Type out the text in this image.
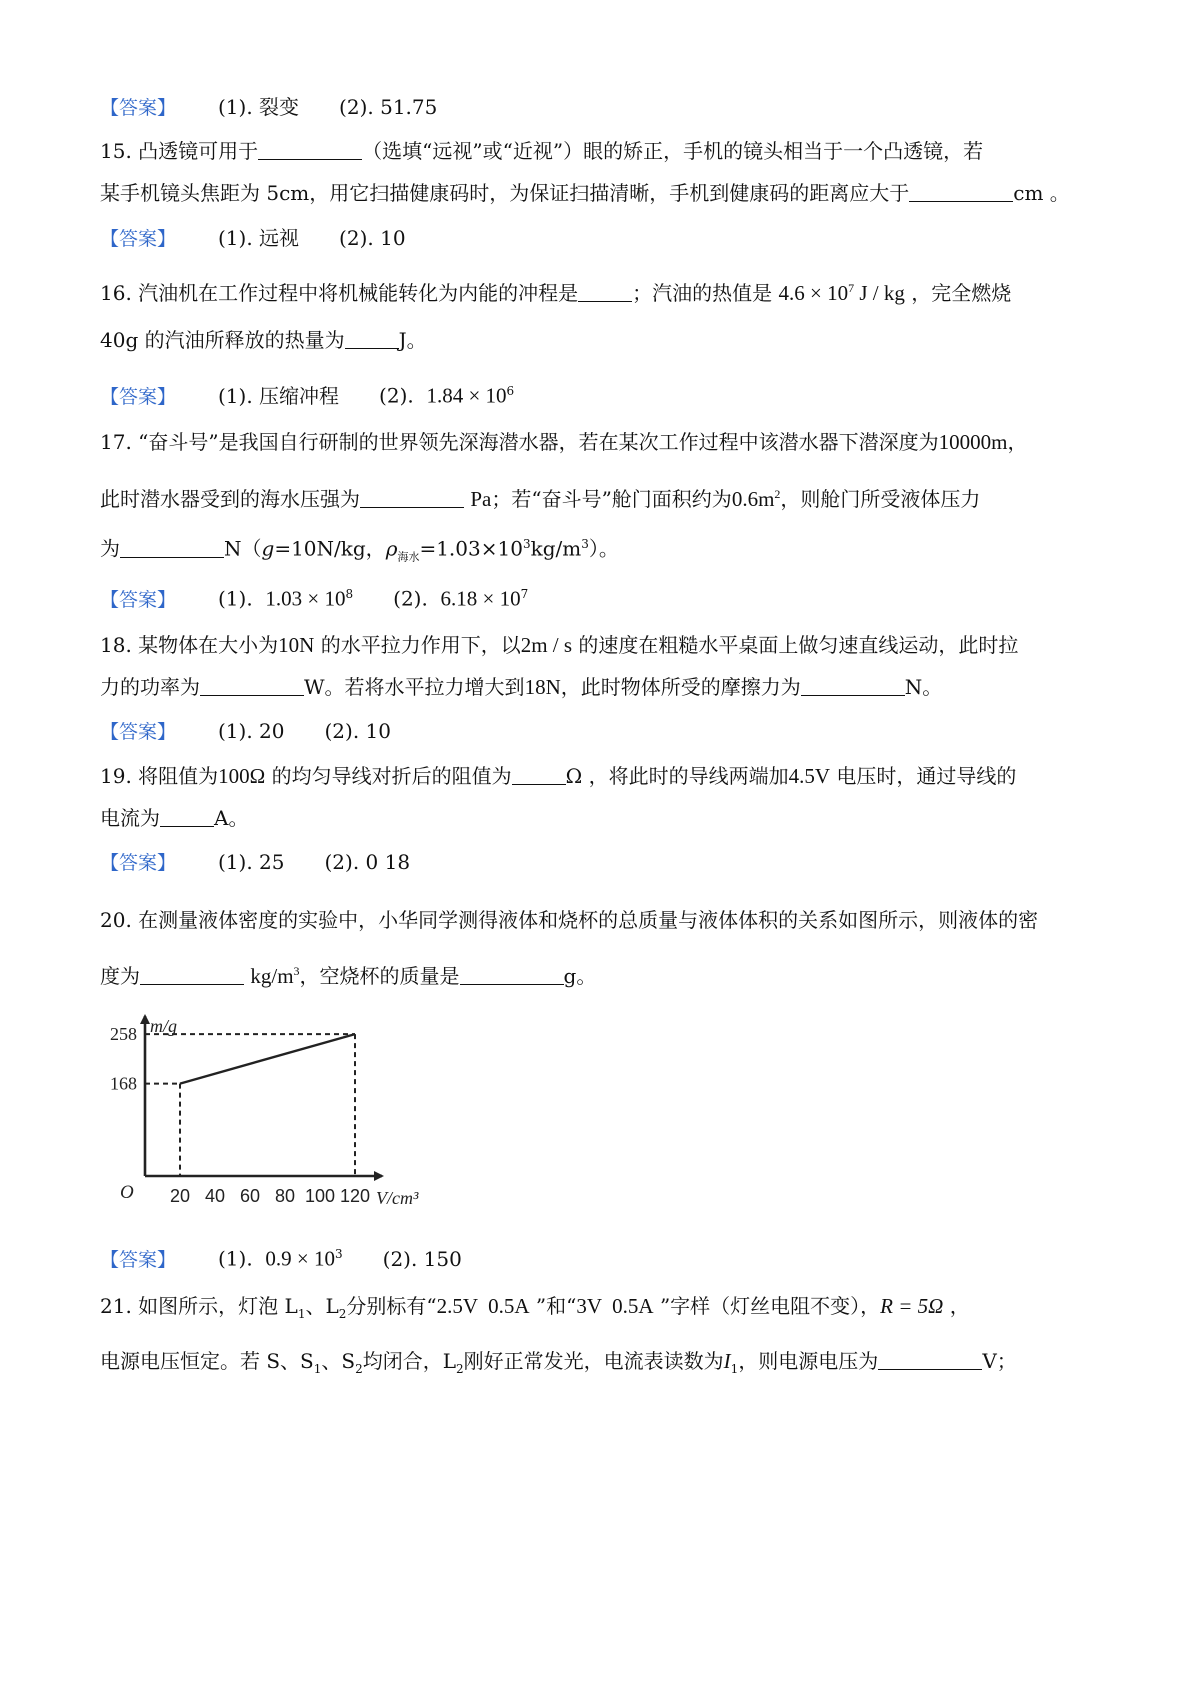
【答案】 (1). 裂变 (2). 51.75
15. 凸透镜可用于	（选填“远视”或“近视”）眼的矫正，手机的镜头相当于一个凸透镜，若
某手机镜头焦距为 5cm，用它扫描健康码时，为保证扫描清晰，手机到健康码的距离应大于	cm 。
【答案】 (1). 远视 (2). 10
16. 汽油机在工作过程中将机械能转化为内能的冲程是	；汽油的热值是 $4.6 \times 10^7$ J / kg ，完全燃烧
40g 的汽油所释放的热量为	J。
【答案】 (1). 压缩冲程 (2). $1.84 \times 10^6$
17. “奋斗号”是我国自行研制的世界领先深海潜水器，若在某次工作过程中该潜水器下潜深度为10000m，
此时潜水器受到的海水压强为	Pa；若“奋斗号”舱门面积约为$0.6m^2$，则舱门所受液体压力
为	N（g=10N/kg，$\rho_{海水}=1.03\times 10^3kg/m^3$）。
【答案】 (1). $1.03 \times 10^8$ (2). $6.18 \times 10^7$
18. 某物体在大小为10N 的水平拉力作用下，以2m / s 的速度在粗糙水平桌面上做匀速直线运动，此时拉
力的功率为	W。若将水平拉力增大到18N，此时物体所受的摩擦力为	N。
【答案】 (1). 20 (2). 10
19. 将阻值为100Ω 的均匀导线对折后的阻值为	Ω ，将此时的导线两端加4.5V 电压时，通过导线的
电流为	A。
【答案】 (1). 25 (2). 0 18
20. 在测量液体密度的实验中，小华同学测得液体和烧杯的总质量与液体体积的关系如图所示，则液体的密
度为	$kg/m^3$，空烧杯的质量是	g。
m/g
V/cm³
O 20 40 60 80 100 120
168
258
【答案】 (1). $0.9 \times 10^3$ (2). 150
21. 如图所示，灯泡 $L_1$、$L_2$分别标有“2.5V  0.5A ”和“3V  0.5A ”字样（灯丝电阻不变），R = 5Ω ，
电源电压恒定。若 S、$S_1$、$S_2$均闭合，$L_2$刚好正常发光，电流表读数为$I_1$，则电源电压为	V；
